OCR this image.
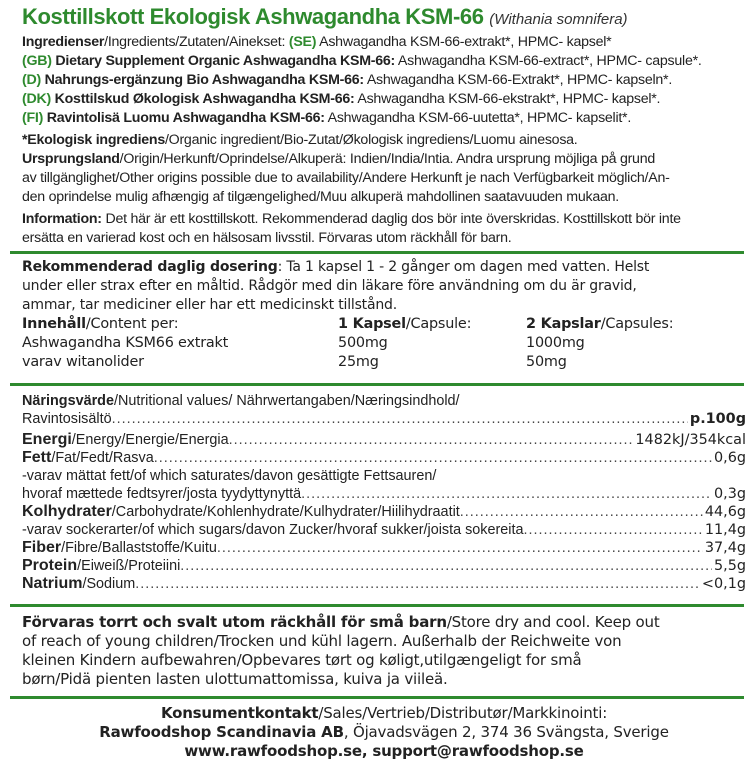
Kosttillskott Ekologisk Ashwagandha KSM-66 (Withania somnifera)
Ingredienser/Ingredients/Zutaten/Ainekset: (SE) Ashwagandha KSM-66-extrakt*, HPMC- kapsel*
(GB) Dietary Supplement Organic Ashwagandha KSM-66: Ashwagandha KSM-66-extract*, HPMC- capsule*.
(D) Nahrungs-ergänzung Bio Ashwagandha KSM-66: Ashwagandha KSM-66-Extrakt*, HPMC- kapseln*.
(DK) Kosttilskud Økologisk Ashwagandha KSM-66: Ashwagandha KSM-66-ekstrakt*, HPMC- kapsel*.
(FI) Ravintolisä Luomu Ashwagandha KSM-66: Ashwagandha KSM-66-uutetta*, HPMC- kapselit*.
*Ekologisk ingrediens/Organic ingredient/Bio-Zutat/Økologisk ingrediens/Luomu ainesosa.
Ursprungsland/Origin/Herkunft/Oprindelse/Alkuperä: Indien/India/Intia. Andra ursprung möjliga på grund
av tillgänglighet/Other origins possible due to availability/Andere Herkunft je nach Verfügbarkeit möglich/An-
den oprindelse mulig afhængig af tilgængelighed/Muu alkuperä mahdollinen saatavuuden mukaan.
Information: Det här är ett kosttillskott. Rekommenderad daglig dos bör inte överskridas. Kosttillskott bör inte
ersätta en varierad kost och en hälsosam livsstil. Förvaras utom räckhåll för barn.
Rekommenderad daglig dosering: Ta 1 kapsel 1 - 2 gånger om dagen med vatten. Helst
under eller strax efter en måltid. Rådgör med din läkare före användning om du är gravid,
ammar, tar mediciner eller har ett medicinskt tillstånd.
Innehåll/Content per:	1 Kapsel/Capsule:	2 Kapslar/Capsules:
Ashwagandha KSM66 extrakt	500mg	1000mg
varav witanolider	25mg	50mg
Näringsvärde/Nutritional values/ Nährwertangaben/Næringsindhold/
Ravintosisältö .....	p.100g
Energi/Energy/Energie/Energia .....	1482kJ/354kcal
Fett/Fat/Fedt/Rasva .....	0,6g
-varav mättat fett/of which saturates/davon gesättigte Fettsauren/
hvoraf mættede fedtsyrer/josta tyydyttynyttä .....	0,3g
Kolhydrater/Carbohydrate/Kohlenhydrate/Kulhydrater/Hiilihydraatit .....	44,6g
-varav sockerarter/of which sugars/davon Zucker/hvoraf sukker/joista sokereita .....	11,4g
Fiber/Fibre/Ballaststoffe/Kuitu .....	37,4g
Protein/Eiweiß/Proteiini .....	5,5g
Natrium/Sodium .....	<0,1g
Förvaras torrt och svalt utom räckhåll för små barn/Store dry and cool. Keep out
of reach of young children/Trocken und kühl lagern. Außerhalb der Reichweite von
kleinen Kindern aufbewahren/Opbevares tørt og køligt,utilgængeligt for små
børn/Pidä pienten lasten ulottumattomissa, kuiva ja viileä.
Konsumentkontakt/Sales/Vertrieb/Distributør/Markkinointi:
Rawfoodshop Scandinavia AB, Öjavadsvägen 2, 374 36 Svängsta, Sverige
www.rawfoodshop.se, support@rawfoodshop.se
